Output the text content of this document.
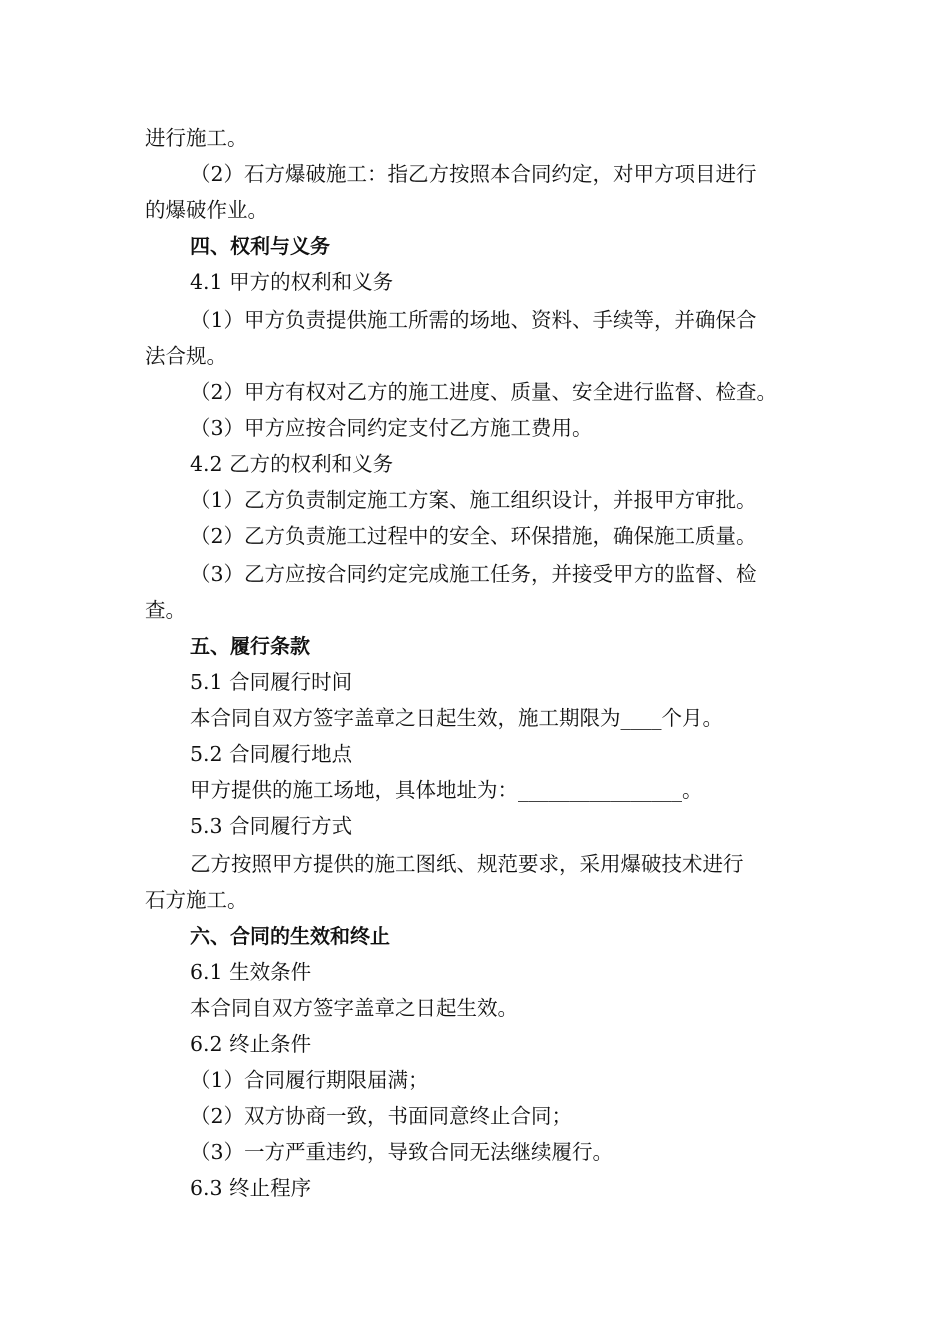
进行施工。
（2）石方爆破施工：指乙方按照本合同约定，对甲方项目进行
的爆破作业。
四、权利与义务
4.1 甲方的权利和义务
（1）甲方负责提供施工所需的场地、资料、手续等，并确保合
法合规。
（2）甲方有权对乙方的施工进度、质量、安全进行监督、检查。
（3）甲方应按合同约定支付乙方施工费用。
4.2 乙方的权利和义务
（1）乙方负责制定施工方案、施工组织设计，并报甲方审批。
（2）乙方负责施工过程中的安全、环保措施，确保施工质量。
（3）乙方应按合同约定完成施工任务，并接受甲方的监督、检
查。
五、履行条款
5.1 合同履行时间
本合同自双方签字盖章之日起生效，施工期限为____个月。
5.2 合同履行地点
甲方提供的施工场地，具体地址为：________________。
5.3 合同履行方式
乙方按照甲方提供的施工图纸、规范要求，采用爆破技术进行
石方施工。
六、合同的生效和终止
6.1 生效条件
本合同自双方签字盖章之日起生效。
6.2 终止条件
（1）合同履行期限届满；
（2）双方协商一致，书面同意终止合同；
（3）一方严重违约，导致合同无法继续履行。
6.3 终止程序
